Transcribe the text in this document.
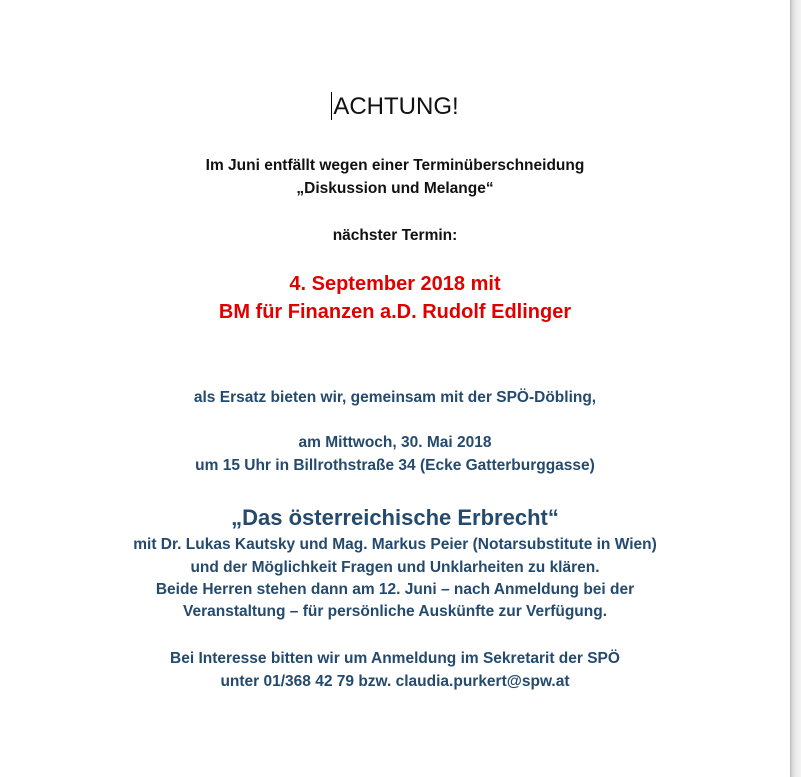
ACHTUNG!
Im Juni entfällt wegen einer Terminüberschneidung
„Diskussion und Melange“
nächster Termin:
4. September 2018 mit
BM für Finanzen a.D. Rudolf Edlinger
als Ersatz bieten wir, gemeinsam mit der SPÖ-Döbling,
am Mittwoch, 30. Mai 2018
um 15 Uhr in Billrothstraße 34 (Ecke Gatterburggasse)
„Das österreichische Erbrecht“
mit Dr. Lukas Kautsky und Mag. Markus Peier (Notarsubstitute in Wien)
und der Möglichkeit Fragen und Unklarheiten zu klären.
Beide Herren stehen dann am 12. Juni – nach Anmeldung bei der
Veranstaltung – für persönliche Auskünfte zur Verfügung.
Bei Interesse bitten wir um Anmeldung im Sekretarit der SPÖ
unter 01/368 42 79 bzw. claudia.purkert@spw.at
